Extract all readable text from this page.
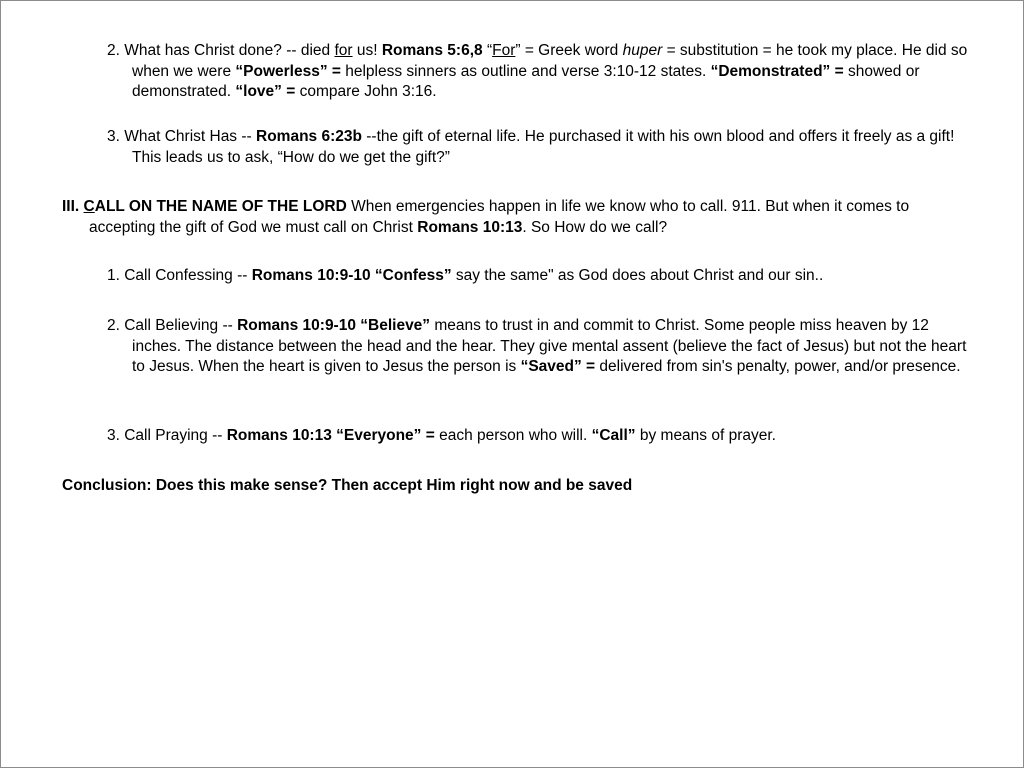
2. What has Christ done? -- died for us! Romans 5:6,8 “For” = Greek word huper = substitution = he took my place. He did so when we were “Powerless” = helpless sinners as outline and verse 3:10-12 states. “Demonstrated” = showed or demonstrated. “love” = compare John 3:16.

3. What Christ Has -- Romans 6:23b --the gift of eternal life. He purchased it with his own blood and offers it freely as a gift! This leads us to ask, “How do we get the gift?”

III. CALL ON THE NAME OF THE LORD When emergencies happen in life we know who to call. 911. But when it comes to accepting the gift of God we must call on Christ Romans 10:13. So How do we call?

1. Call Confessing -- Romans 10:9-10 “Confess” say the same" as God does about Christ and our sin..

2. Call Believing -- Romans 10:9-10 “Believe” means to trust in and commit to Christ. Some people miss heaven by 12 inches. The distance between the head and the hear. They give mental assent (believe the fact of Jesus) but not the heart to Jesus. When the heart is given to Jesus the person is “Saved” = delivered from sin's penalty, power, and/or presence.

3. Call Praying -- Romans 10:13 “Everyone” = each person who will. “Call” by means of prayer.

Conclusion: Does this make sense? Then accept Him right now and be saved
